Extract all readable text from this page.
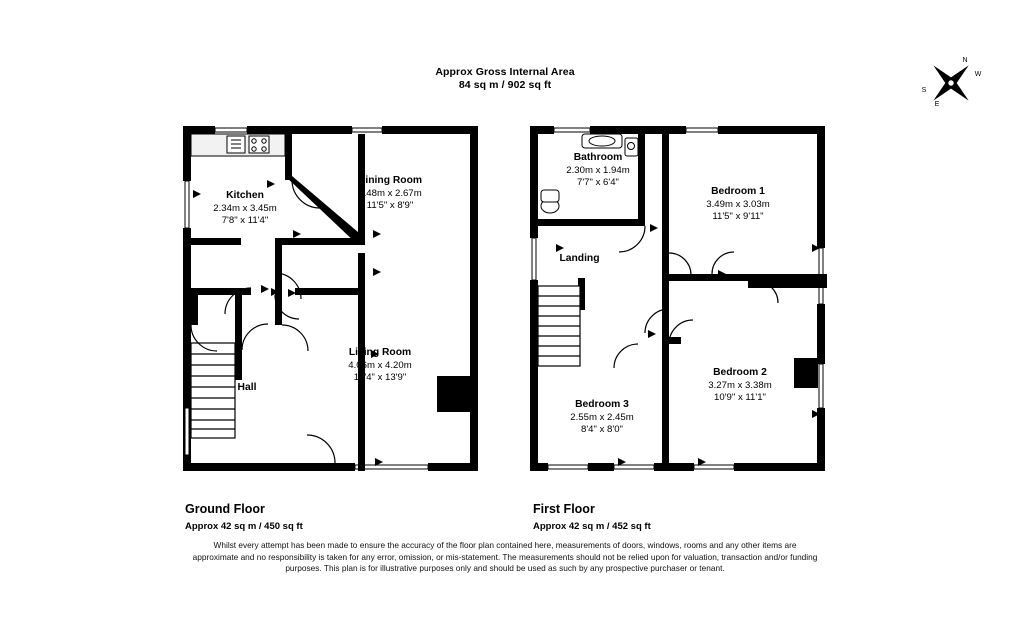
Approx Gross Internal Area
84 sq m / 902 sq ft
N
W
E
S
Kitchen
2.34m x 3.45m
7'8" x 11'4"
Dining Room
3.48m x 2.67m
11'5" x 8'9"
Living Room
4.06m x 4.20m
13'4" x 13'9"
Hall
Bathroom
2.30m x 1.94m
7'7" x 6'4"
Bedroom 1
3.49m x 3.03m
11'5" x 9'11"
Landing
Bedroom 2
3.27m x 3.38m
10'9" x 11'1"
Bedroom 3
2.55m x 2.45m
8'4" x 8'0"
Ground Floor
Approx 42 sq m / 450 sq ft
First Floor
Approx 42 sq m / 452 sq ft
Whilst every attempt has been made to ensure the accuracy of the floor plan contained here, measurements of doors, windows, rooms and any other items are approximate and no responsibility is taken for any error, omission, or mis-statement. The measurements should not be relied upon for valuation, transaction and/or funding purposes. This plan is for illustrative purposes only and should be used as such by any prospective purchaser or tenant.
